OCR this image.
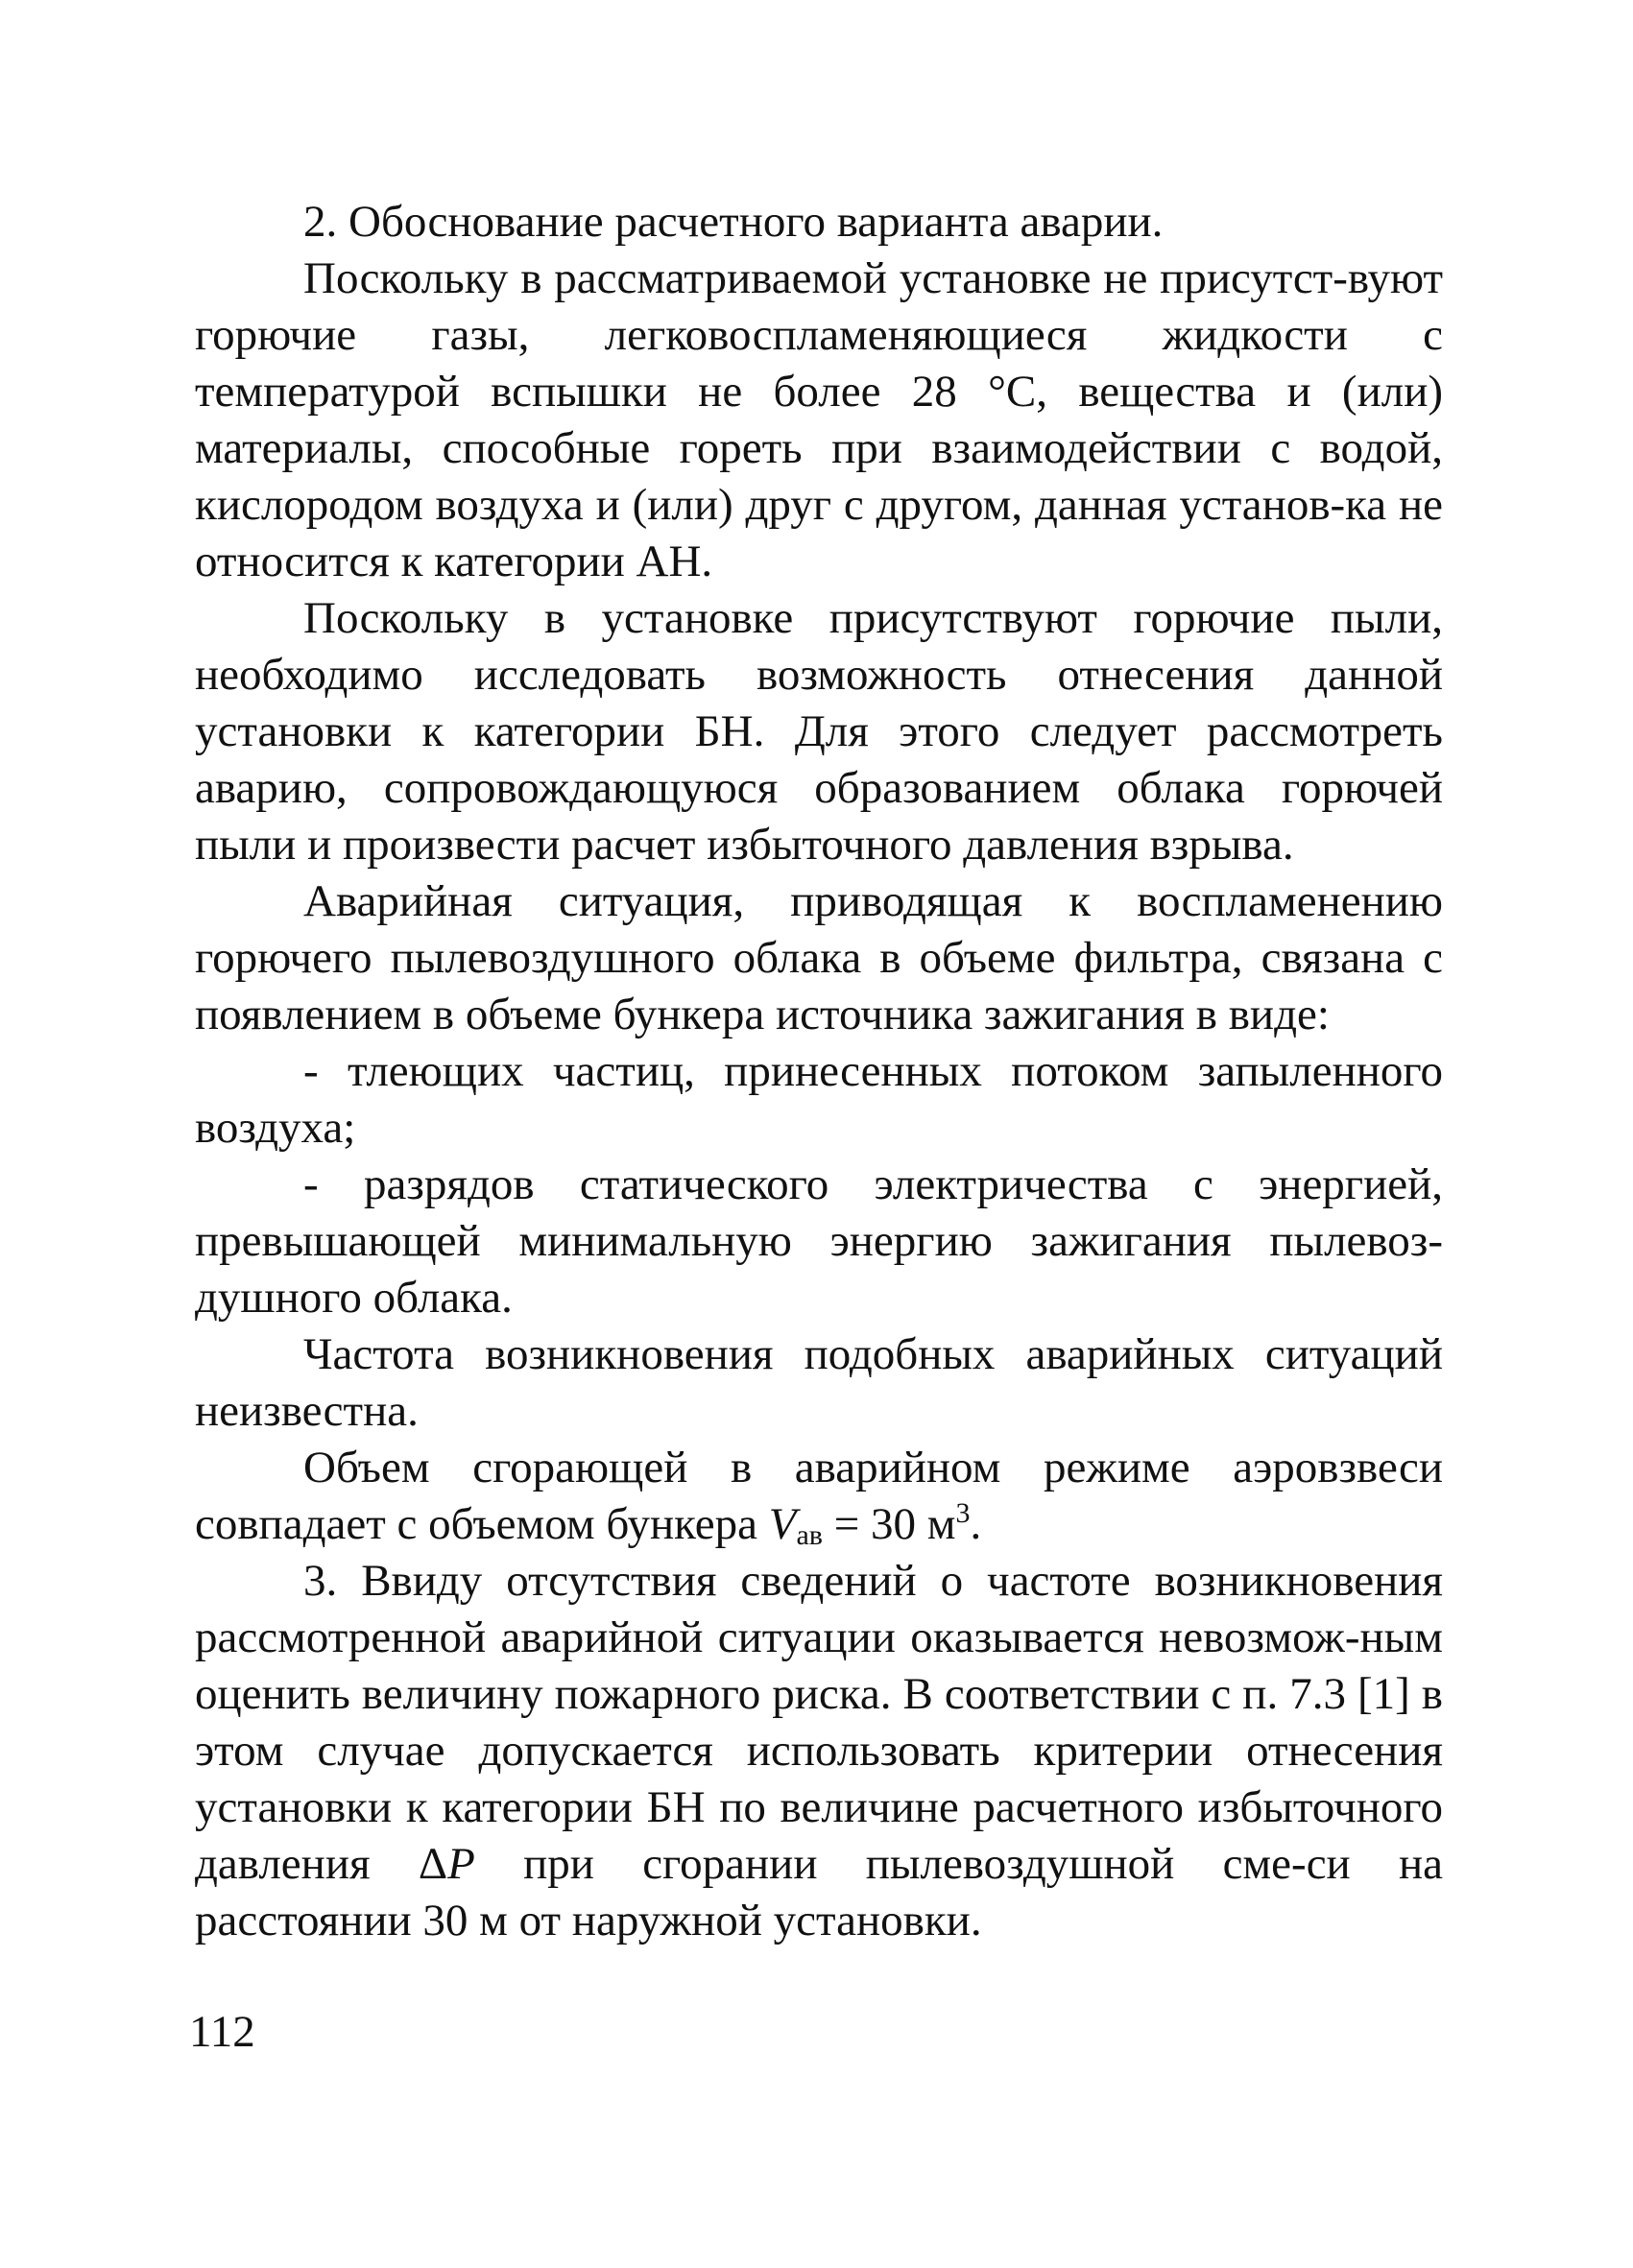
2. Обоснование расчетного варианта аварии.

Поскольку в рассматриваемой установке не присутст-вуют горючие газы, легковоспламеняющиеся жидкости с температурой вспышки не более 28 °С, вещества и (или) материалы, способные гореть при взаимодействии с водой, кислородом воздуха и (или) друг с другом, данная установ-ка не относится к категории АН.

Поскольку в установке присутствуют горючие пыли, необходимо исследовать возможность отнесения данной установки к категории БН. Для этого следует рассмотреть аварию, сопровождающуюся образованием облака горючей пыли и произвести расчет избыточного давления взрыва.

Аварийная ситуация, приводящая к воспламенению горючего пылевоздушного облака в объеме фильтра, связана с появлением в объеме бункера источника зажигания в виде:

- тлеющих частиц, принесенных потоком запыленного воздуха;

- разрядов статического электричества с энергией, превышающей минимальную энергию зажигания пылевоз-душного облака.

Частота возникновения подобных аварийных ситуаций неизвестна.

Объем сгорающей в аварийном режиме аэровзвеси совпадает с объемом бункера $V_{ав} = 30$ $м^3$.

3. Ввиду отсутствия сведений о частоте возникновения рассмотренной аварийной ситуации оказывается невозмож-ным оценить величину пожарного риска. В соответствии с п. 7.3 [1] в этом случае допускается использовать критерии отнесения установки к категории БН по величине расчетного избыточного давления ΔP при сгорании пылевоздушной сме-си на расстоянии 30 м от наружной установки.

112
